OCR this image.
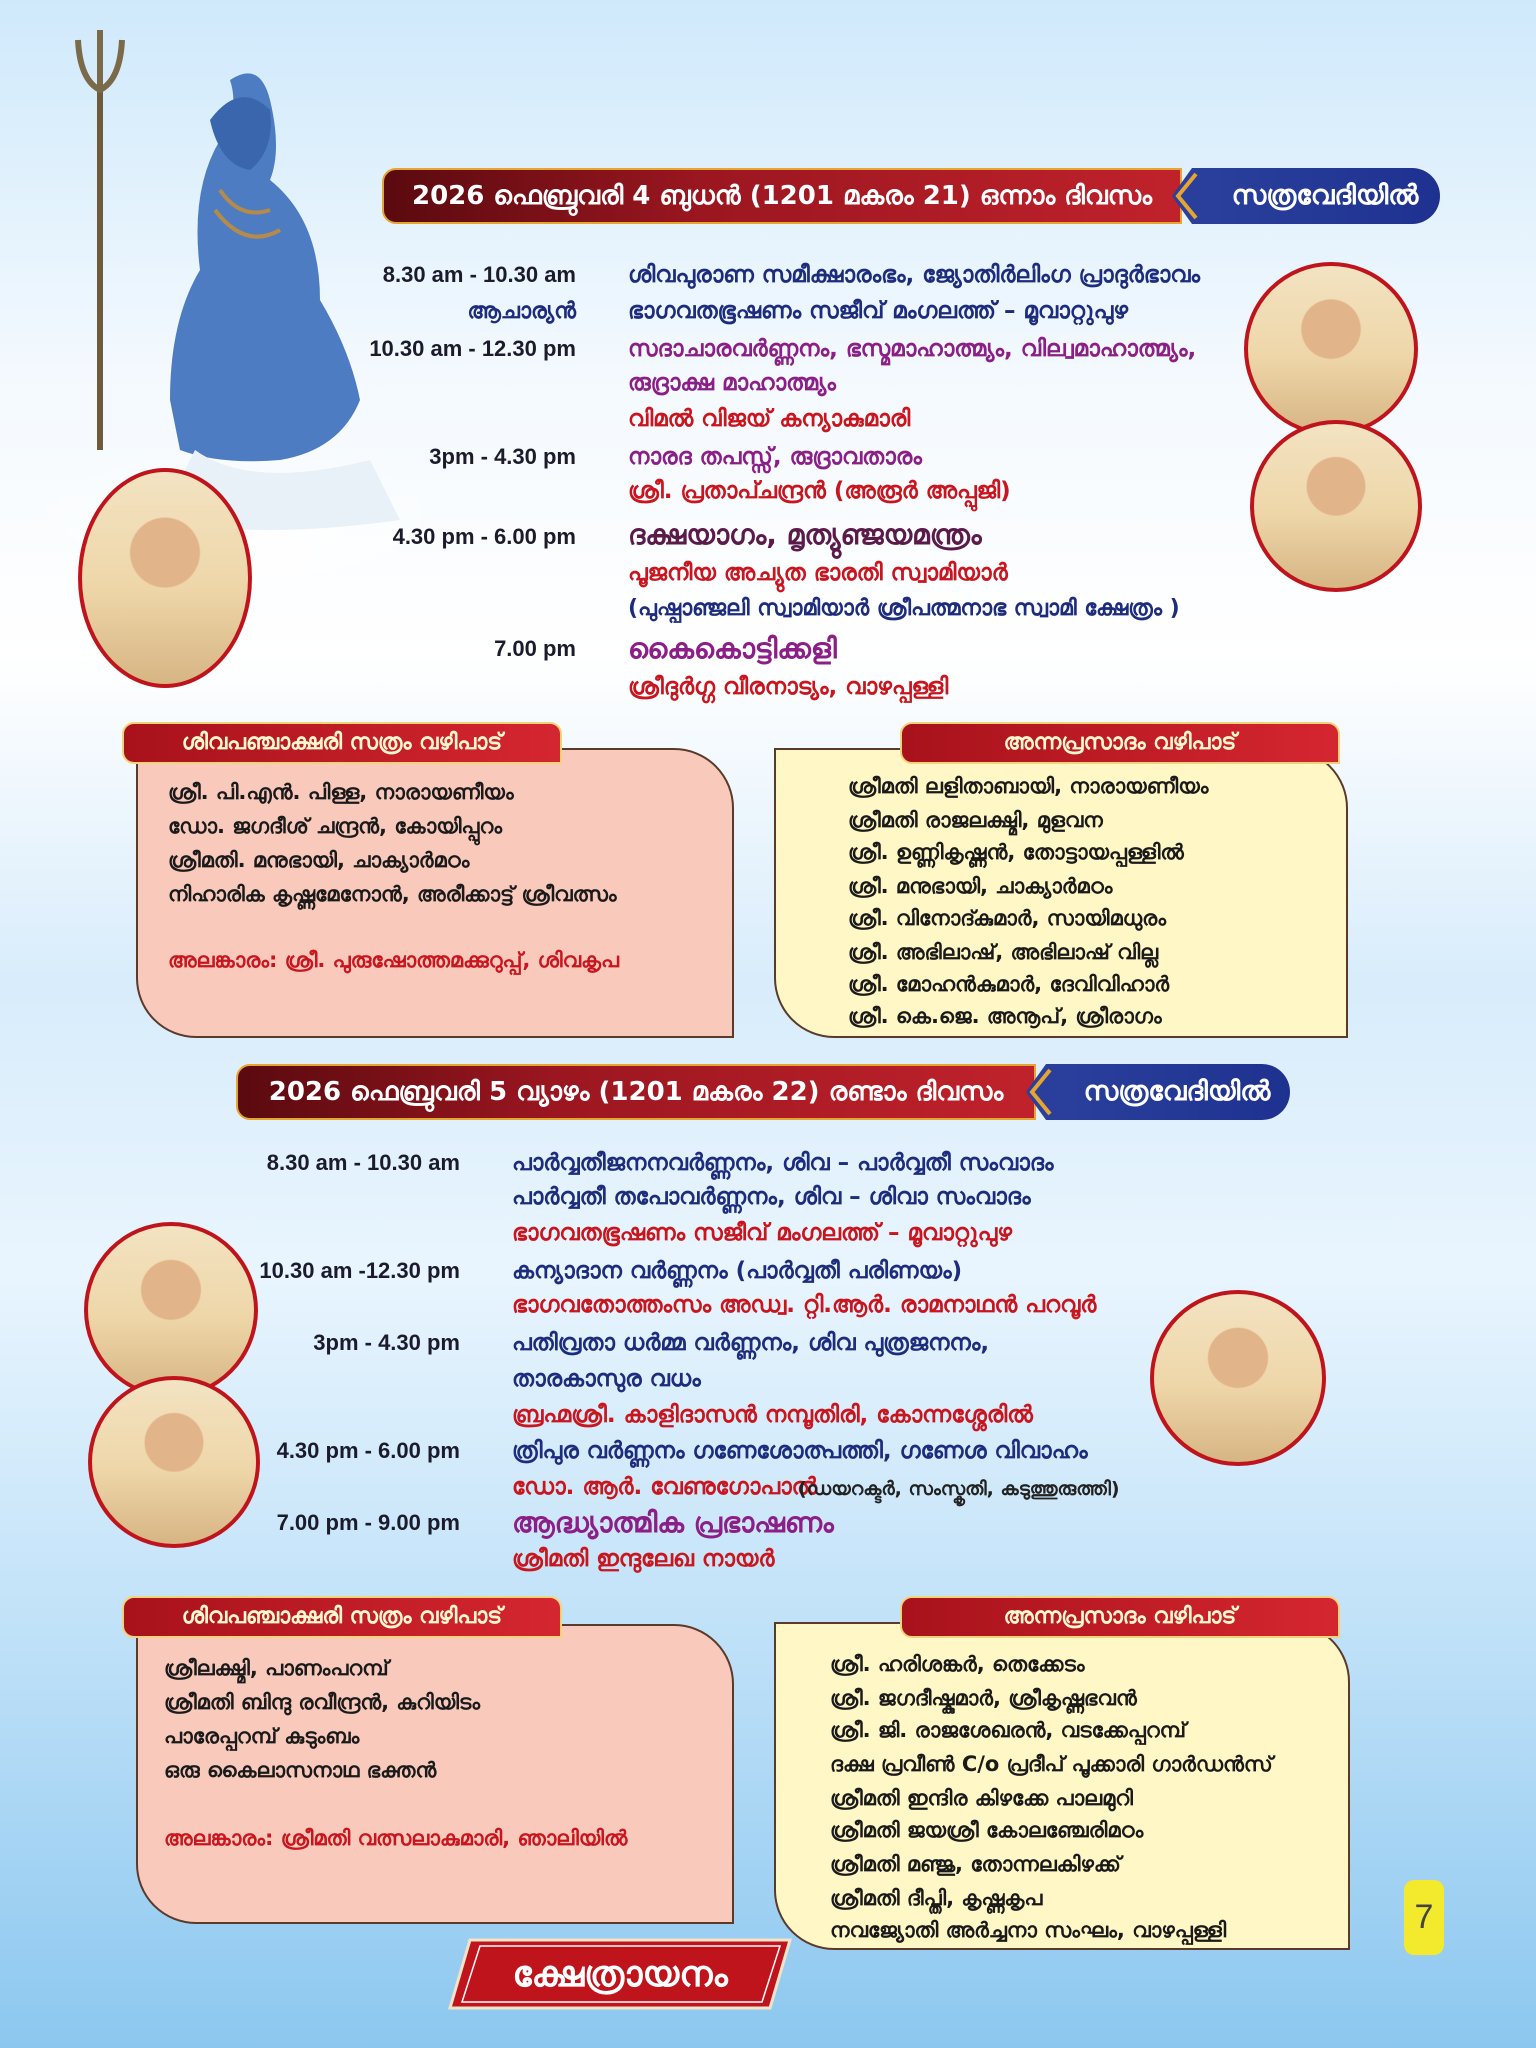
2026 ഫെബ്രുവരി 4 ബുധൻ (1201 മകരം 21) ഒന്നാം ദിവസം	സത്രവേദിയിൽ
8.30 am - 10.30 am ശിവപുരാണ സമീക്ഷാരംഭം, ജ്യോതിർലിംഗ പ്രാദുർഭാവം
ആചാര്യൻ ഭാഗവതഭൂഷണം സജീവ് മംഗലത്ത് – മൂവാറ്റുപുഴ
10.30 am - 12.30 pm സദാചാരവർണ്ണനം, ഭസ്മമാഹാത്മ്യം, വില്വമാഹാത്മ്യം,
രുദ്രാക്ഷ മാഹാത്മ്യം
വിമൽ വിജയ് കന്യാകുമാരി
3pm - 4.30 pm നാരദ തപസ്സ്, രുദ്രാവതാരം
ശ്രീ. പ്രതാപ്ചന്ദ്രൻ (അരൂർ അപ്പുജി)
4.30 pm - 6.00 pm ദക്ഷയാഗം, മൃത്യുഞ്ജയമന്ത്രം
പൂജനീയ അച്യുത ഭാരതി സ്വാമിയാർ
(പുഷ്പാഞ്ജലി സ്വാമിയാർ ശ്രീപത്മനാഭ സ്വാമി ക്ഷേത്രം )
7.00 pm കൈകൊട്ടിക്കളി
ശ്രീദുർഗ്ഗ വീരനാട്യം, വാഴപ്പള്ളി
ശിവപഞ്ചാക്ഷരി സത്രം വഴിപാട്
ശ്രീ. പി.എൻ. പിള്ള, നാരായണീയം
ഡോ. ജഗദീശ് ചന്ദ്രൻ, കോയിപ്പുറം
ശ്രീമതി. മനുഭായി, ചാക്യാർമഠം
നിഹാരിക കൃഷ്ണമേനോൻ, അരീക്കാട്ട് ശ്രീവത്സം
അലങ്കാരം: ശ്രീ. പുരുഷോത്തമക്കുറുപ്പ്, ശിവകൃപ
അന്നപ്രസാദം വഴിപാട്
ശ്രീമതി ലളിതാബായി, നാരായണീയം
ശ്രീമതി രാജലക്ഷ്മി, മുളവന
ശ്രീ. ഉണ്ണികൃഷ്ണൻ, തോട്ടായപ്പള്ളിൽ
ശ്രീ. മനുഭായി, ചാക്യാർമഠം
ശ്രീ. വിനോദ്കുമാർ, സായിമധുരം
ശ്രീ. അഭിലാഷ്, അഭിലാഷ് വില്ല
ശ്രീ. മോഹൻകുമാർ, ദേവിവിഹാർ
ശ്രീ. കെ.ജെ. അനൂപ്, ശ്രീരാഗം
2026 ഫെബ്രുവരി 5 വ്യാഴം (1201 മകരം 22) രണ്ടാം ദിവസം	സത്രവേദിയിൽ
8.30 am - 10.30 am പാർവ്വതീജനനവർണ്ണനം, ശിവ – പാർവ്വതീ സംവാദം
പാർവ്വതീ തപോവർണ്ണനം, ശിവ – ശിവാ സംവാദം
ഭാഗവതഭൂഷണം സജീവ് മംഗലത്ത് – മൂവാറ്റുപുഴ
10.30 am -12.30 pm കന്യാദാന വർണ്ണനം (പാർവ്വതീ പരിണയം)
ഭാഗവതോത്തംസം അഡ്വ. റ്റി.ആർ. രാമനാഥൻ പറവൂർ
3pm - 4.30 pm പതിവ്രതാ ധർമ്മ വർണ്ണനം, ശിവ പുത്രജനനം,
താരകാസുര വധം
ബ്രഹ്മശ്രീ. കാളിദാസൻ നമ്പൂതിരി, കോന്നശ്ശേരിൽ
4.30 pm - 6.00 pm ത്രിപുര വർണ്ണനം ഗണേശോത്പത്തി, ഗണേശ വിവാഹം
ഡോ. ആർ. വേണുഗോപാൽ
(ഡയറക്ടർ, സംസ്കൃതി, കടുത്തുരുത്തി)
7.00 pm - 9.00 pm ആദ്ധ്യാത്മിക പ്രഭാഷണം
ശ്രീമതി ഇന്ദുലേഖ നായർ
ശിവപഞ്ചാക്ഷരി സത്രം വഴിപാട്
ശ്രീലക്ഷ്മി, പാണംപറമ്പ്
ശ്രീമതി ബിന്ദു രവീന്ദ്രൻ, കുറിയിടം
പാരേപ്പറമ്പ് കുടുംബം
ഒരു കൈലാസനാഥ ഭക്തൻ
അലങ്കാരം: ശ്രീമതി വത്സലാകുമാരി, ഞാലിയിൽ
അന്നപ്രസാദം വഴിപാട്
ശ്രീ. ഹരിശങ്കർ, തെക്കേടം
ശ്രീ. ജഗദീഷ്കുമാർ, ശ്രീകൃഷ്ണഭവൻ
ശ്രീ. ജി. രാജശേഖരൻ, വടക്കേപ്പറമ്പ്
ദക്ഷ പ്രവീൺ C/o പ്രദീപ് പൂക്കാരി ഗാർഡൻസ്
ശ്രീമതി ഇന്ദിര കിഴക്കേ പാലമുറി
ശ്രീമതി ജയശ്രീ കോലഞ്ചേരിമഠം
ശ്രീമതി മഞ്ജു, തോന്നലകിഴക്ക്
ശ്രീമതി ദീപ്തി, കൃഷ്ണകൃപ
നവജ്യോതി അർച്ചനാ സംഘം, വാഴപ്പള്ളി
ക്ഷേത്രായനം
7
